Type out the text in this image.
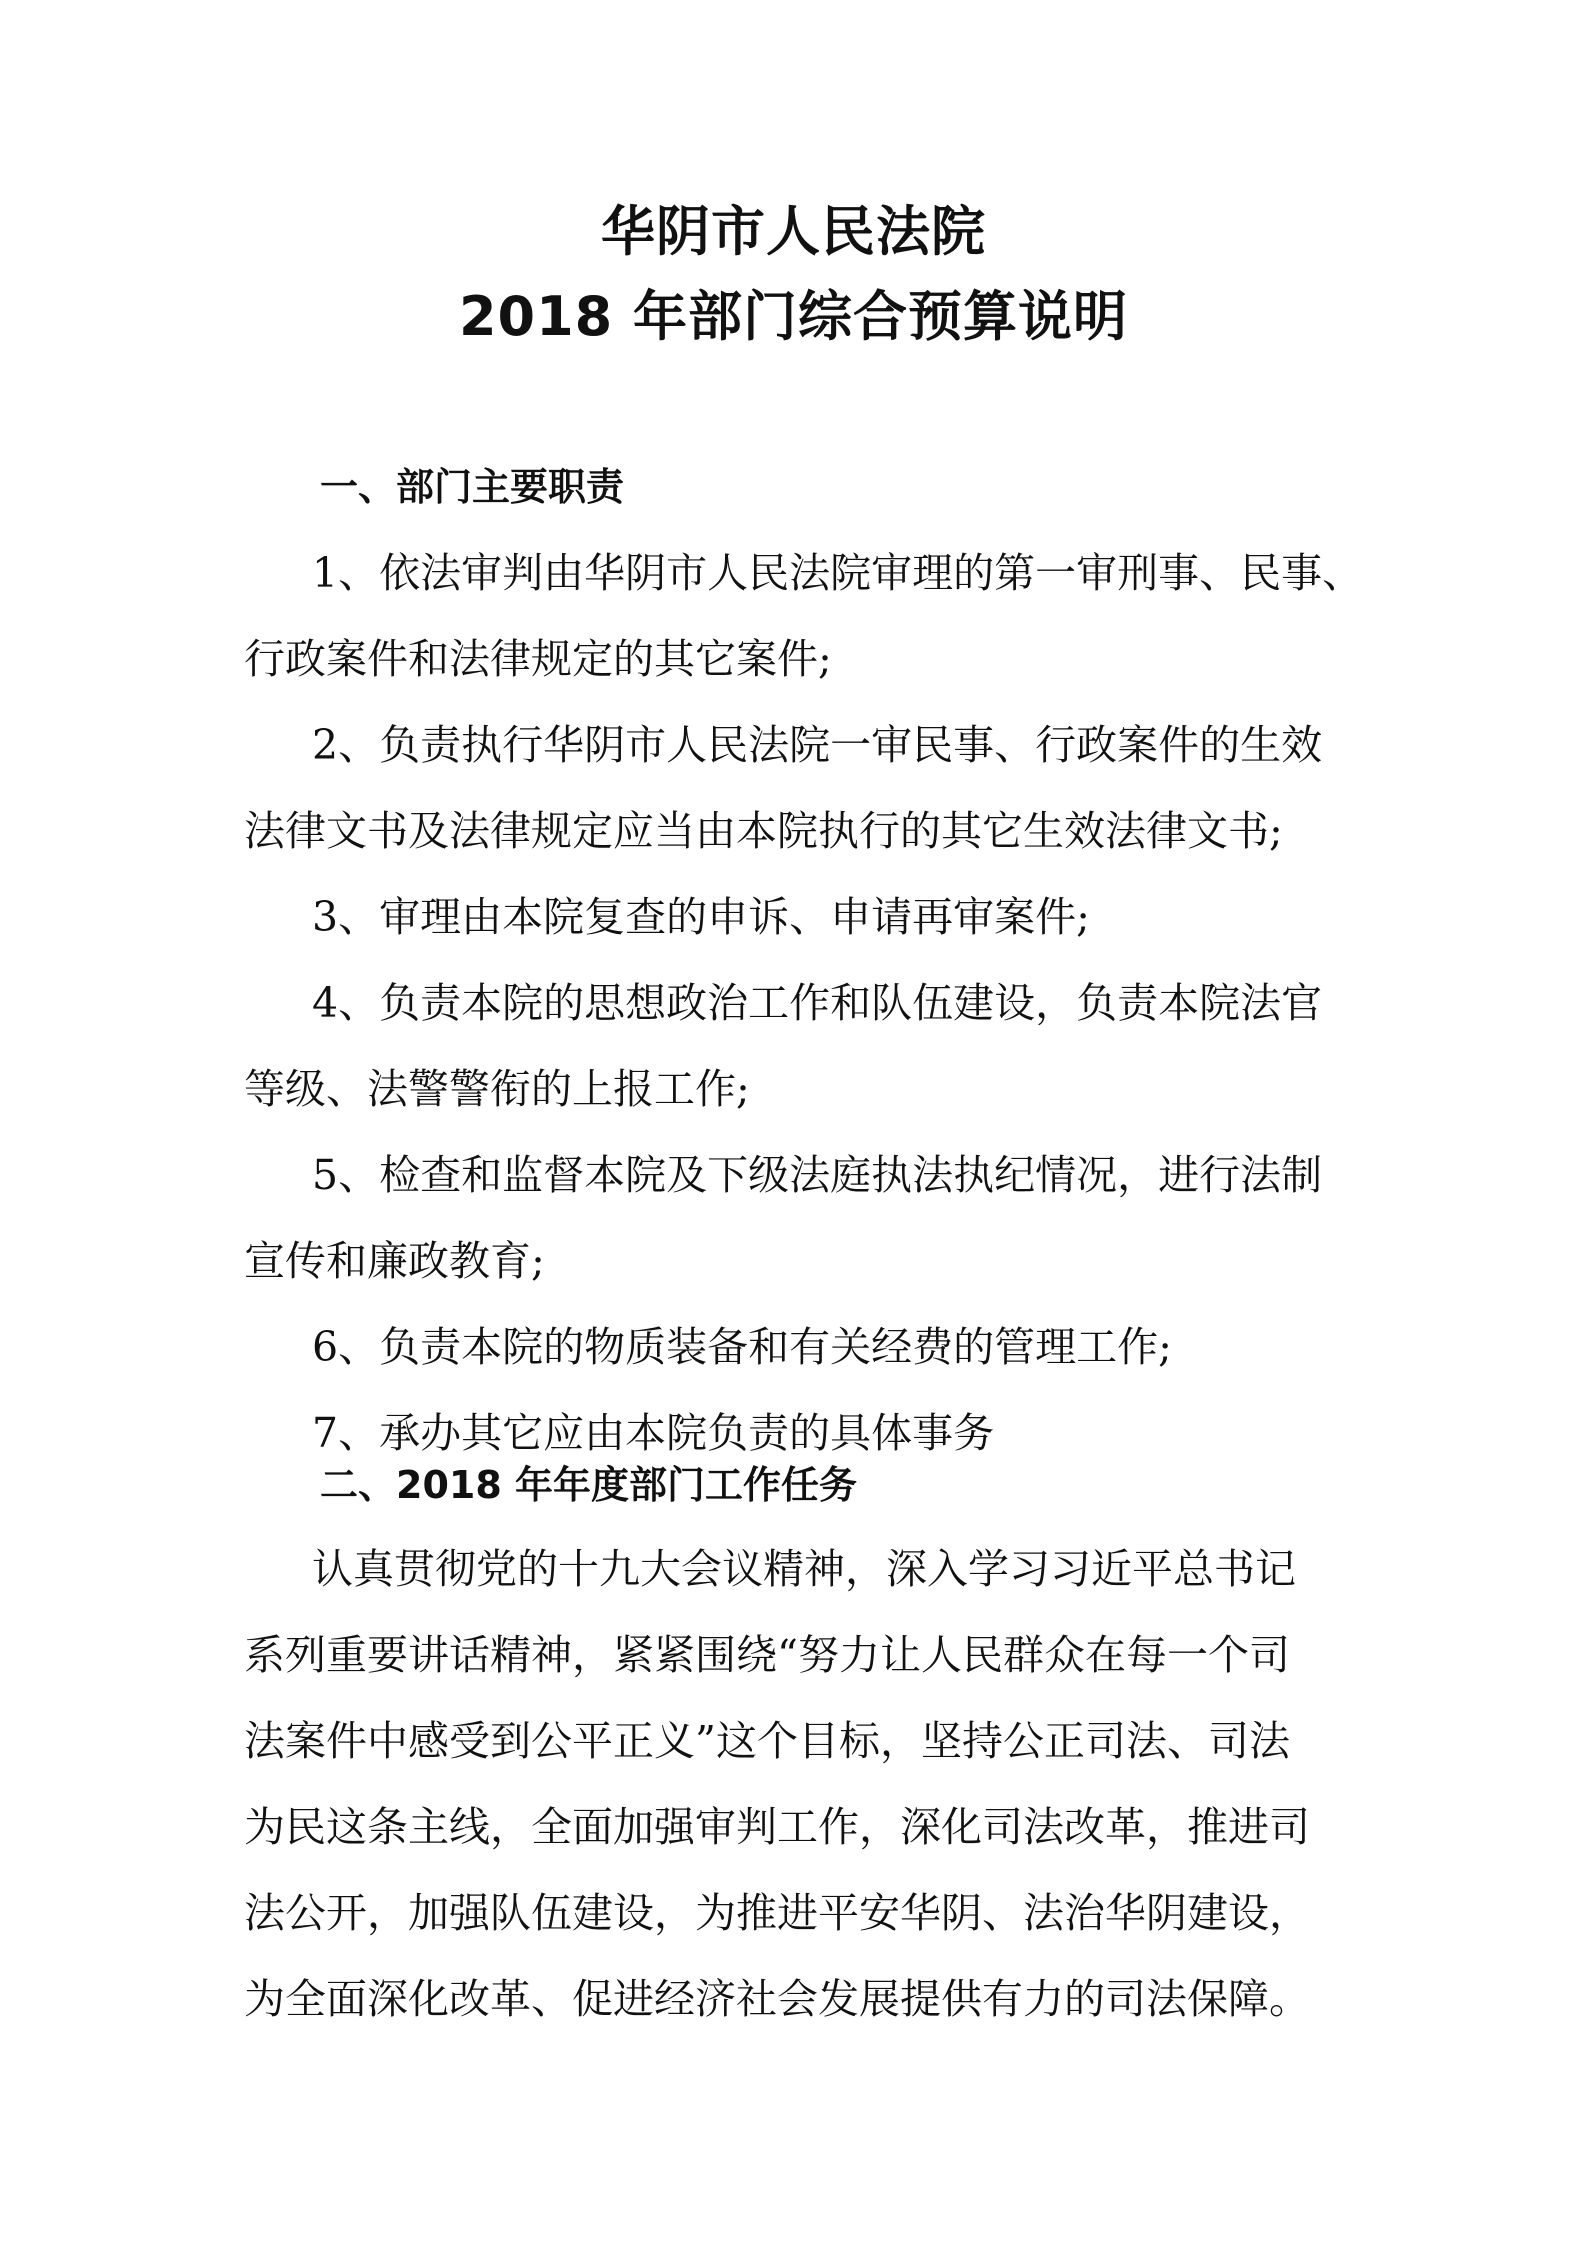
华阴市人民法院
2018 年部门综合预算说明
一、部门主要职责
1、依法审判由华阴市人民法院审理的第一审刑事、民事、
行政案件和法律规定的其它案件;
2、负责执行华阴市人民法院一审民事、行政案件的生效
法律文书及法律规定应当由本院执行的其它生效法律文书;
3、审理由本院复查的申诉、申请再审案件;
4、负责本院的思想政治工作和队伍建设，负责本院法官
等级、法警警衔的上报工作;
5、检查和监督本院及下级法庭执法执纪情况，进行法制
宣传和廉政教育;
6、负责本院的物质装备和有关经费的管理工作;
7、承办其它应由本院负责的具体事务
二、2018 年年度部门工作任务
认真贯彻党的十九大会议精神，深入学习习近平总书记
系列重要讲话精神，紧紧围绕“努力让人民群众在每一个司
法案件中感受到公平正义”这个目标，坚持公正司法、司法
为民这条主线，全面加强审判工作，深化司法改革，推进司
法公开，加强队伍建设，为推进平安华阴、法治华阴建设，
为全面深化改革、促进经济社会发展提供有力的司法保障。
